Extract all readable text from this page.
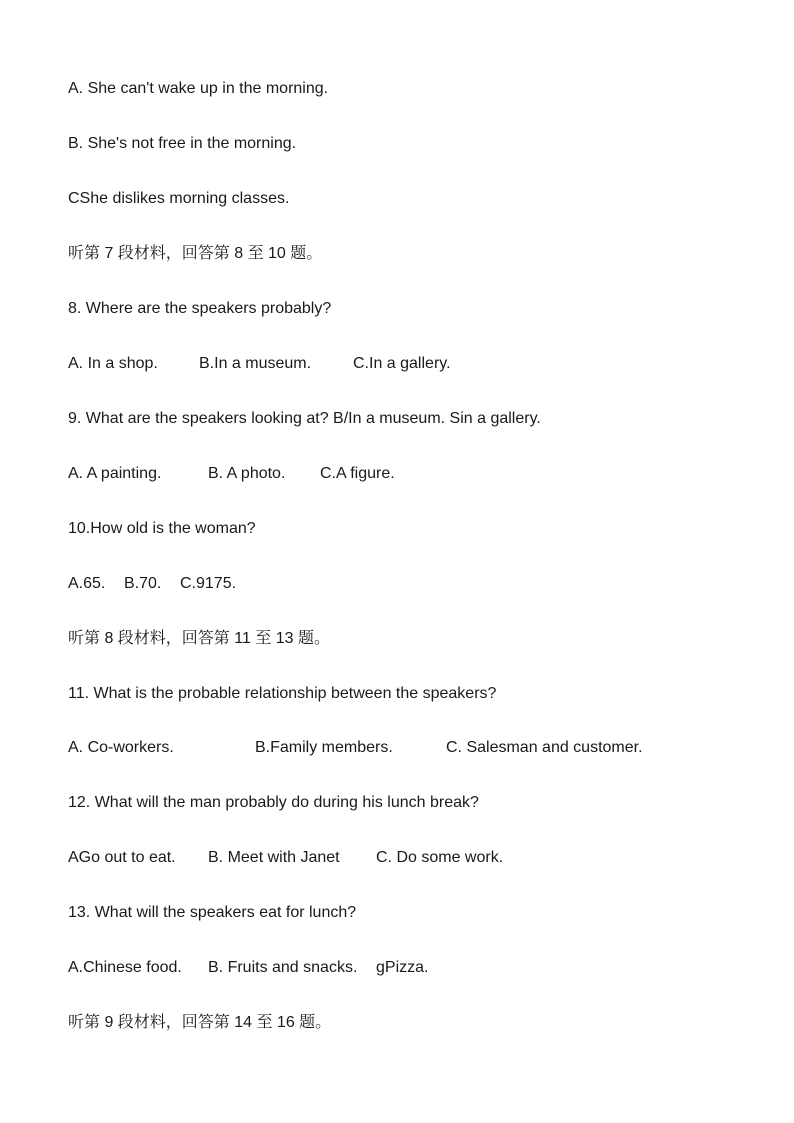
A. She can't wake up in the morning.
B. She's not free in the morning.
CShe dislikes morning classes.
听第 7 段材料，回答第 8 至 10 题。
8. Where are the speakers probably?
A. In a shop.	B.In a museum.	C.In a gallery.
9. What are the speakers looking at? B/In a museum. Sin a gallery.
A. A painting.	B. A photo. C.A figure.
10.How old is the woman?
A.65. B.70. C.9175.
听第 8 段材料，回答第 11 至 13 题。
11. What is the probable relationship between the speakers?
A. Co-workers.	B.Family members.	C. Salesman and customer.
12. What will the man probably do during his lunch break?
AGo out to eat. B. Meet with Janet C. Do some work.
13. What will the speakers eat for lunch?
A.Chinese food. B. Fruits and snacks. gPizza.
听第 9 段材料，回答第 14 至 16 题。
